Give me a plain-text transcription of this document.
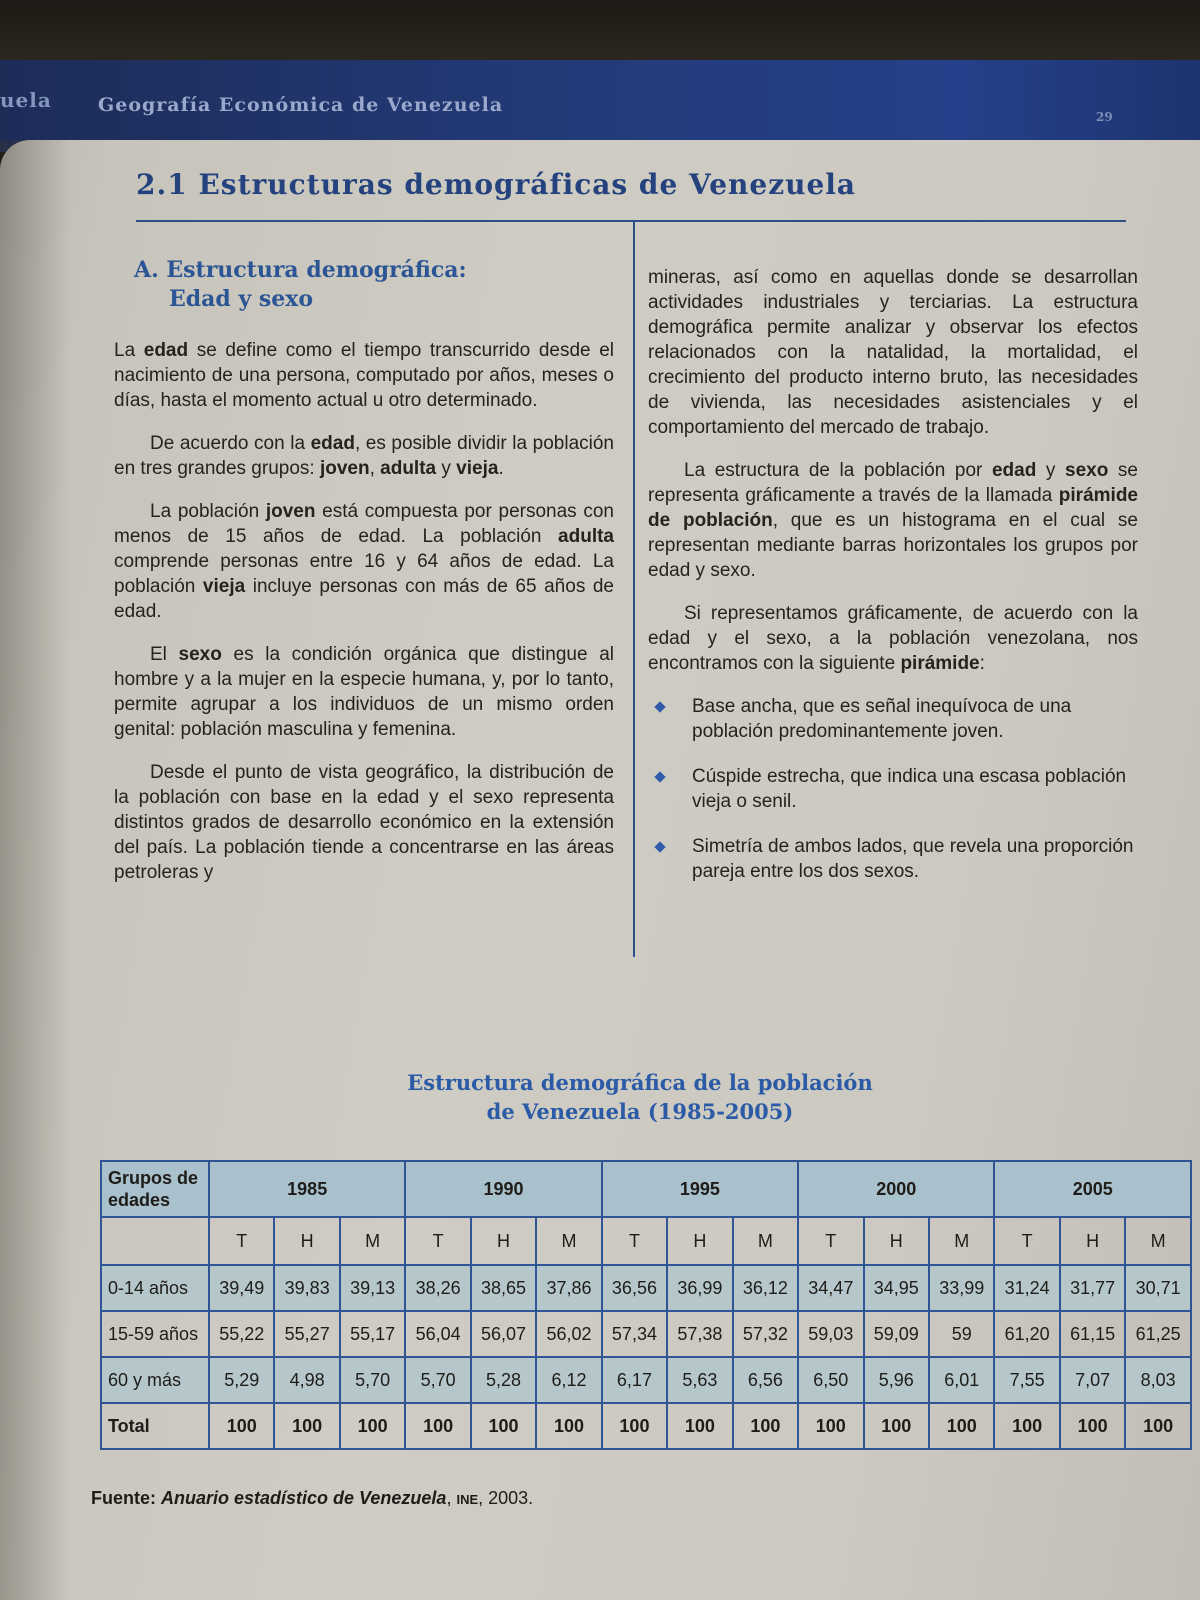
uela Geografía Económica de Venezuela
29
2.1 Estructuras demográficas de Venezuela
A. Estructura demográfica:
Edad y sexo

La edad se define como el tiempo transcurrido desde el nacimiento de una persona, computado por años, meses o días, hasta el momento actual u otro determinado.

De acuerdo con la edad, es posible dividir la población en tres grandes grupos: joven, adulta y vieja.

La población joven está compuesta por personas con menos de 15 años de edad. La población adulta comprende personas entre 16 y 64 años de edad. La población vieja incluye personas con más de 65 años de edad.

El sexo es la condición orgánica que distingue al hombre y a la mujer en la especie humana, y, por lo tanto, permite agrupar a los individuos de un mismo orden genital: población masculina y femenina.

Desde el punto de vista geográfico, la distribución de la población con base en la edad y el sexo representa distintos grados de desarrollo económico en la extensión del país. La población tiende a concentrarse en las áreas petroleras y

mineras, así como en aquellas donde se desarrollan actividades industriales y terciarias. La estructura demográfica permite analizar y observar los efectos relacionados con la natalidad, la mortalidad, el crecimiento del producto interno bruto, las necesidades de vivienda, las necesidades asistenciales y el comportamiento del mercado de trabajo.

La estructura de la población por edad y sexo se representa gráficamente a través de la llamada pirámide de población, que es un histograma en el cual se representan mediante barras horizontales los grupos por edad y sexo.

Si representamos gráficamente, de acuerdo con la edad y el sexo, a la población venezolana, nos encontramos con la siguiente pirámide:

Base ancha, que es señal inequívoca de una población predominantemente joven.
Cúspide estrecha, que indica una escasa población vieja o senil.
Simetría de ambos lados, que revela una proporción pareja entre los dos sexos.
Estructura demográfica de la población
de Venezuela (1985-2005)
Grupos de edades	1985			1990			1995			2000			2005		
	T	H	M	T	H	M	T	H	M	T	H	M	T	H	M
0-14 años	39,49	39,83	39,13	38,26	38,65	37,86	36,56	36,99	36,12	34,47	34,95	33,99	31,24	31,77	30,71
15-59 años	55,22	55,27	55,17	56,04	56,07	56,02	57,34	57,38	57,32	59,03	59,09	59	61,20	61,15	61,25
60 y más	5,29	4,98	5,70	5,70	5,28	6,12	6,17	5,63	6,56	6,50	5,96	6,01	7,55	7,07	8,03
Total	100	100	100	100	100	100	100	100	100	100	100	100	100	100	100
Fuente: Anuario estadístico de Venezuela, INE, 2003.
